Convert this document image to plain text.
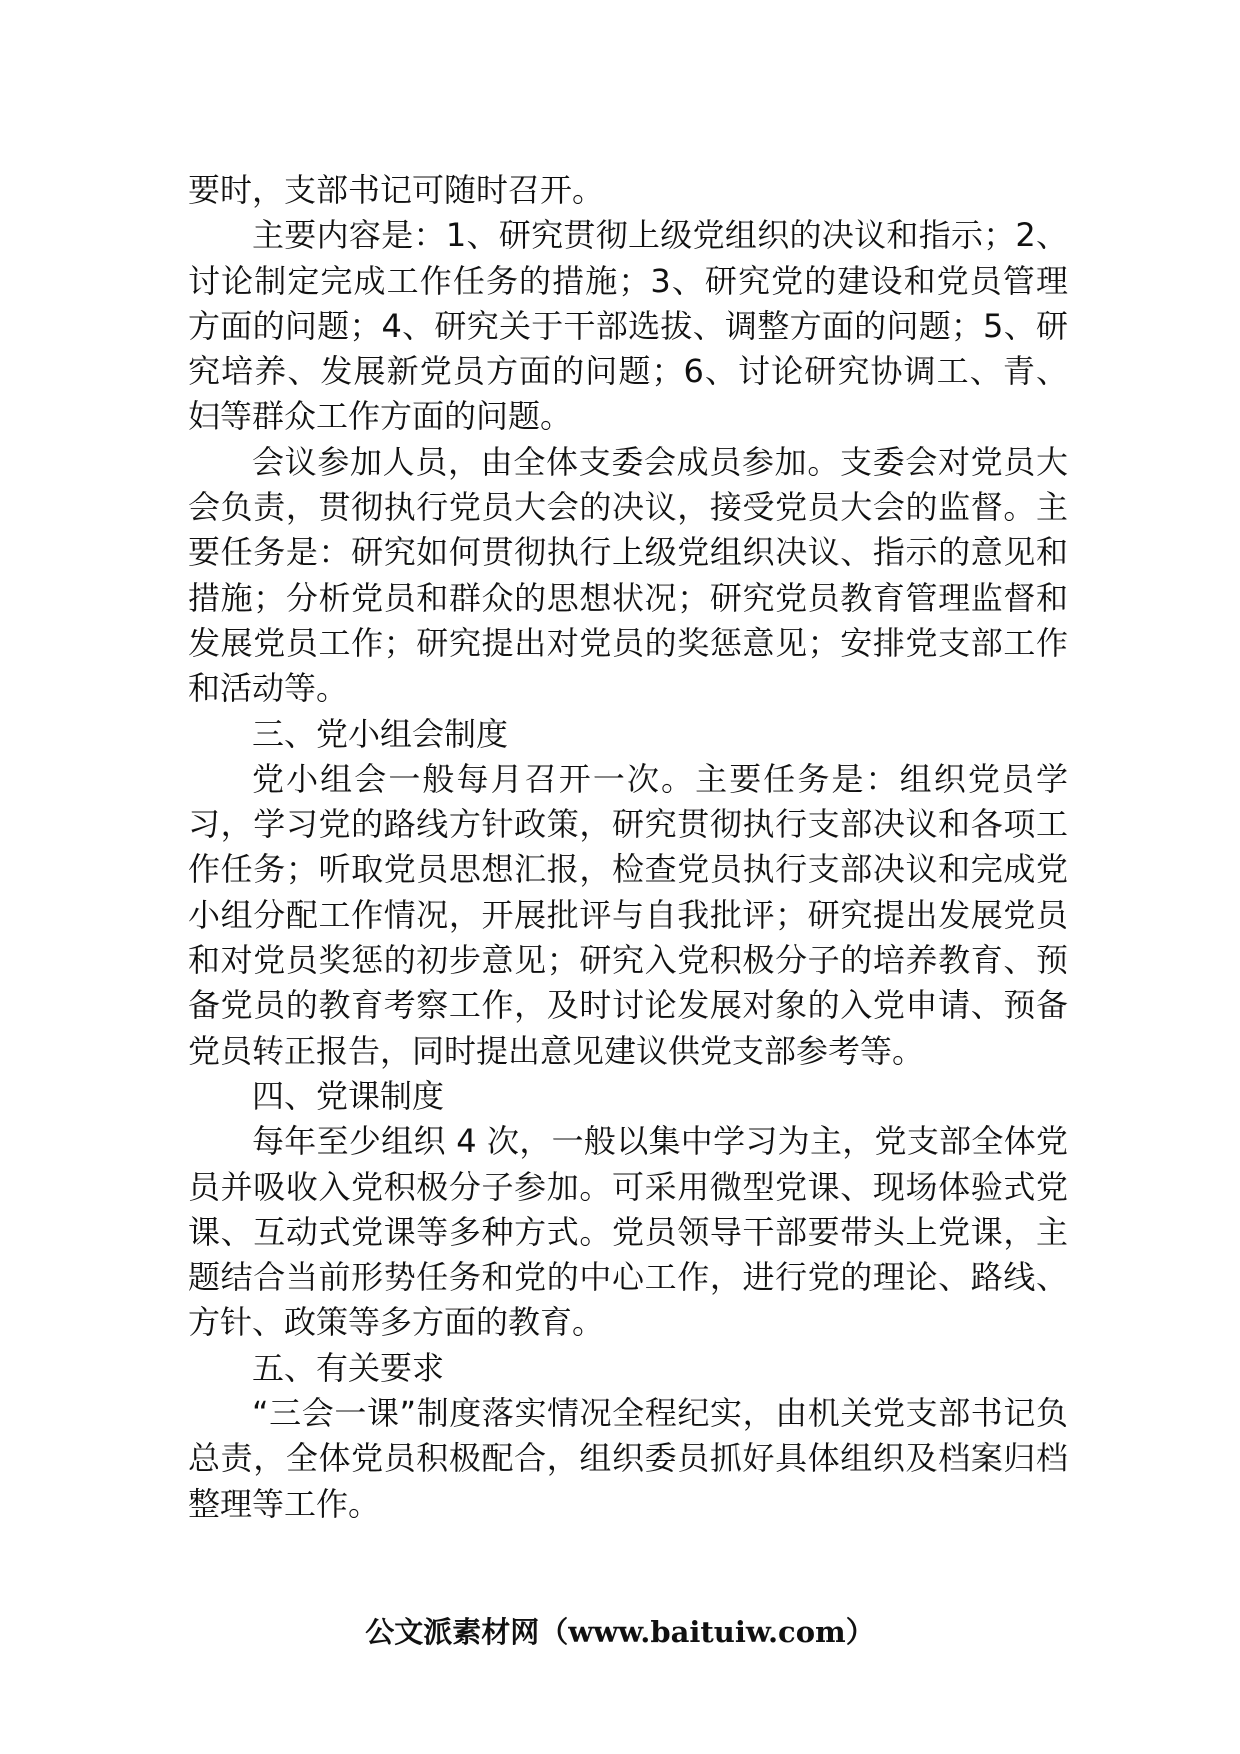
要时，支部书记可随时召开。

主要内容是：1、研究贯彻上级党组织的决议和指示；2、讨论制定完成工作任务的措施；3、研究党的建设和党员管理方面的问题；4、研究关于干部选拔、调整方面的问题；5、研究培养、发展新党员方面的问题；6、讨论研究协调工、青、妇等群众工作方面的问题。

会议参加人员，由全体支委会成员参加。支委会对党员大会负责，贯彻执行党员大会的决议，接受党员大会的监督。主要任务是：研究如何贯彻执行上级党组织决议、指示的意见和措施；分析党员和群众的思想状况；研究党员教育管理监督和发展党员工作；研究提出对党员的奖惩意见；安排党支部工作和活动等。

三、党小组会制度

党小组会一般每月召开一次。主要任务是：组织党员学习，学习党的路线方针政策，研究贯彻执行支部决议和各项工作任务；听取党员思想汇报，检查党员执行支部决议和完成党小组分配工作情况，开展批评与自我批评；研究提出发展党员和对党员奖惩的初步意见；研究入党积极分子的培养教育、预备党员的教育考察工作，及时讨论发展对象的入党申请、预备党员转正报告，同时提出意见建议供党支部参考等。

四、党课制度

每年至少组织 4 次，一般以集中学习为主，党支部全体党员并吸收入党积极分子参加。可采用微型党课、现场体验式党课、互动式党课等多种方式。党员领导干部要带头上党课，主题结合当前形势任务和党的中心工作，进行党的理论、路线、方针、政策等多方面的教育。

五、有关要求

“三会一课”制度落实情况全程纪实，由机关党支部书记负总责，全体党员积极配合，组织委员抓好具体组织及档案归档整理等工作。

公文派素材网（www.baituiw.com）
